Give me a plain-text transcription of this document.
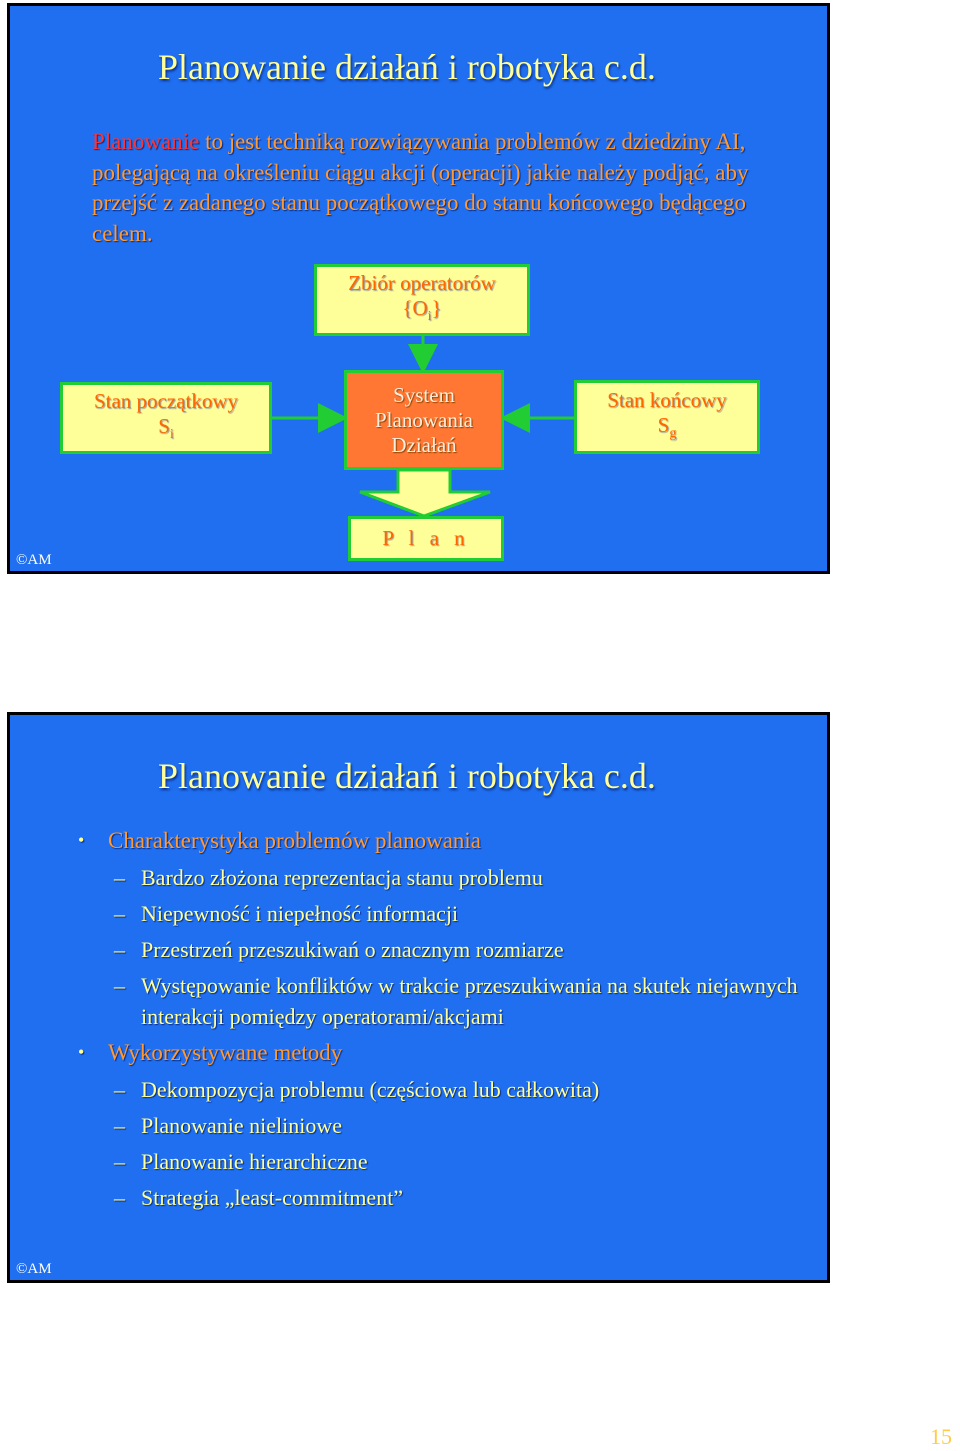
Planowanie działań i robotyka c.d.
Planowanie to jest techniką rozwiązywania problemów z dziedziny AI, polegającą na określeniu ciągu akcji (operacji) jakie należy podjąć, aby przejść z zadanego stanu początkowego do stanu końcowego będącego celem.
Zbiór operatorów
$\{O_i\}$
Stan początkowy
$S_i$
System
Planowania
Działań
Stan końcowy
$S_g$
P l a n
©AM
Planowanie działań i robotyka c.d.
• Charakterystyka problemów planowania
– Bardzo złożona reprezentacja stanu problemu
– Niepewność i niepełność informacji
– Przestrzeń przeszukiwań o znacznym rozmiarze
– Występowanie konfliktów w trakcie przeszukiwania na skutek niejawnych interakcji pomiędzy operatorami/akcjami
• Wykorzystywane metody
– Dekompozycja problemu (częściowa lub całkowita)
– Planowanie nieliniowe
– Planowanie hierarchiczne
– Strategia „least-commitment”
©AM
15
